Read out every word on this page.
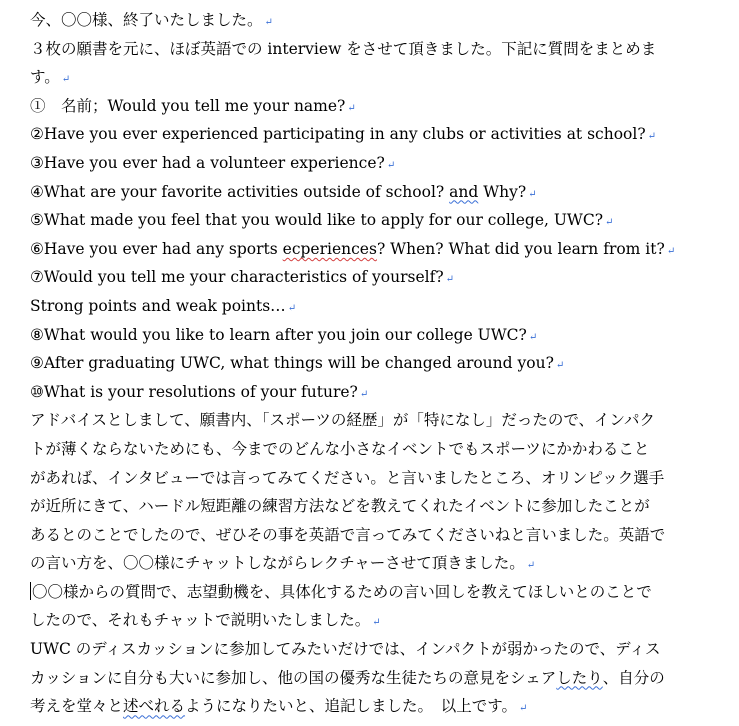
今、〇〇様、終了いたしました。 ↵
３枚の願書を元に、ほぼ英語での interview をさせて頂きました。下記に質問をまとめま
す。 ↵
①　名前；Would you tell me your name? ↵
②Have you ever experienced participating in any clubs or activities at school? ↵
③Have you ever had a volunteer experience? ↵
④What are your favorite activities outside of school? and Why? ↵
⑤What made you feel that you would like to apply for our college, UWC? ↵
⑥Have you ever had any sports ecperiences? When? What did you learn from it? ↵
⑦Would you tell me your characteristics of yourself? ↵
Strong points and weak points… ↵
⑧What would you like to learn after you join our college UWC? ↵
⑨After graduating UWC, what things will be changed around you? ↵
⑩What is your resolutions of your future? ↵
アドバイスとしまして、願書内、「スポーツの経歴」が「特になし」だったので、インパク
トが薄くならないためにも、今までのどんな小さなイベントでもスポーツにかかわること
があれば、インタビューでは言ってみてください。と言いましたところ、オリンピック選手
が近所にきて、ハードル短距離の練習方法などを教えてくれたイベントに参加したことが
あるとのことでしたので、ぜひその事を英語で言ってみてくださいねと言いました。英語で
の言い方を、〇〇様にチャットしながらレクチャーさせて頂きました。 ↵
〇〇様からの質問で、志望動機を、具体化するための言い回しを教えてほしいとのことで
したので、それもチャットで説明いたしました。 ↵
UWC のディスカッションに参加してみたいだけでは、インパクトが弱かったので、ディス
カッションに自分も大いに参加し、他の国の優秀な生徒たちの意見をシェアしたり、自分の
考えを堂々と述べれるようになりたいと、追記しました。　以上です。 ↵
